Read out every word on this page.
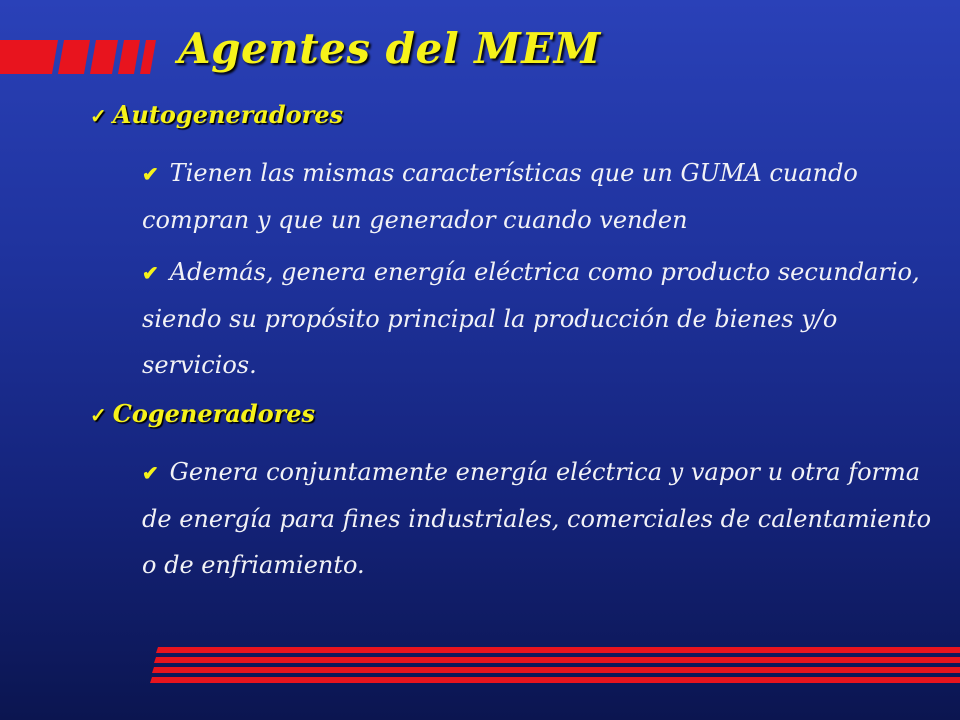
Agentes del MEM
✓ Autogeneradores
✔ Tienen las mismas características que un GUMA cuando compran y que un generador cuando venden
✔ Además, genera energía eléctrica como producto secundario, siendo su propósito principal la producción de bienes y/o servicios.
✓ Cogeneradores
✔ Genera conjuntamente energía eléctrica y vapor u otra forma de energía para fines industriales, comerciales de calentamiento o de enfriamiento.
